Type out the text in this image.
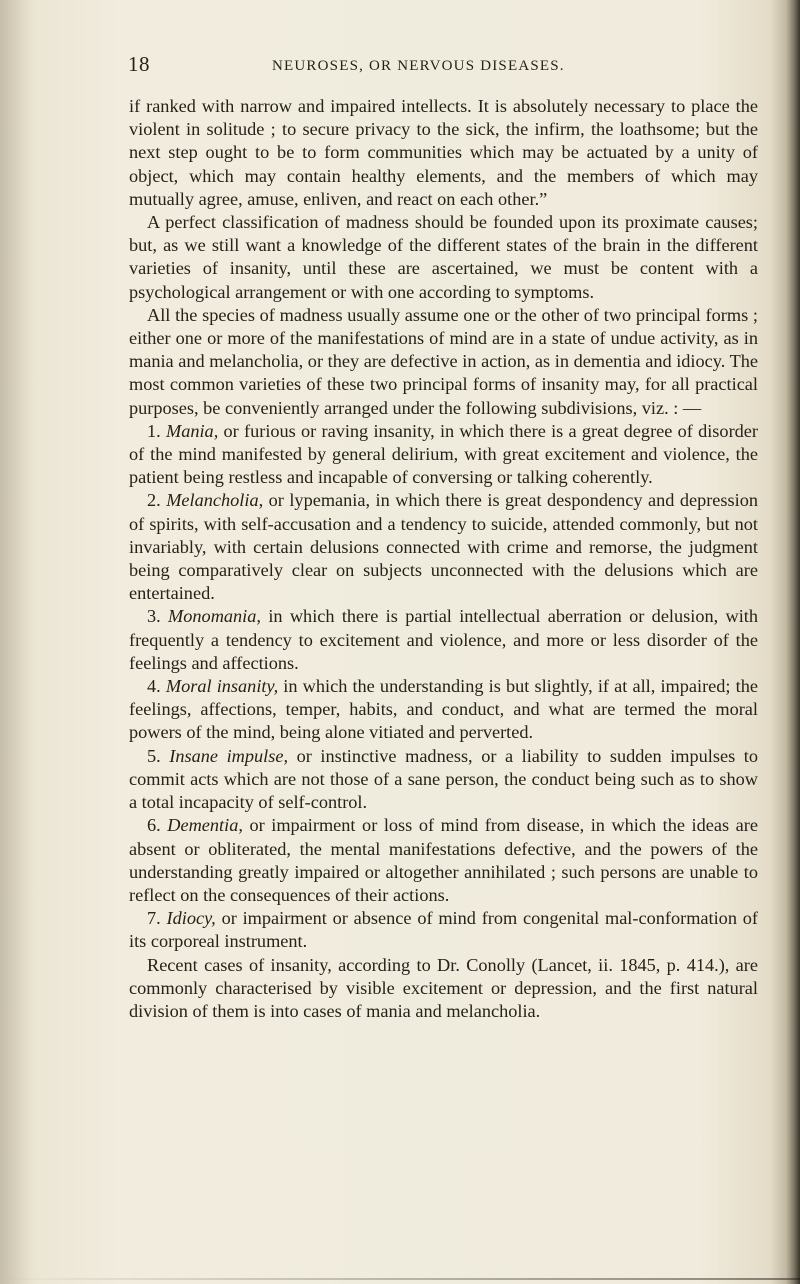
18	NEUROSES, OR NERVOUS DISEASES.

if ranked with narrow and impaired intellects. It is absolutely necessary to place the violent in solitude ; to secure privacy to the sick, the infirm, the loathsome; but the next step ought to be to form communities which may be actuated by a unity of object, which may contain healthy elements, and the members of which may mutually agree, amuse, enliven, and react on each other.”

A perfect classification of madness should be founded upon its proximate causes; but, as we still want a knowledge of the different states of the brain in the different varieties of insanity, until these are ascertained, we must be content with a psychological arrangement or with one according to symptoms.

All the species of madness usually assume one or the other of two principal forms ; either one or more of the manifestations of mind are in a state of undue activity, as in mania and melancholia, or they are defective in action, as in dementia and idiocy. The most common varieties of these two principal forms of insanity may, for all practical purposes, be conveniently arranged under the following subdivisions, viz. : —

1. Mania, or furious or raving insanity, in which there is a great degree of disorder of the mind manifested by general delirium, with great excitement and violence, the patient being restless and incapable of conversing or talking coherently.

2. Melancholia, or lypemania, in which there is great despondency and depression of spirits, with self-accusation and a tendency to suicide, attended commonly, but not invariably, with certain delusions connected with crime and remorse, the judgment being comparatively clear on subjects unconnected with the delusions which are entertained.

3. Monomania, in which there is partial intellectual aberration or delusion, with frequently a tendency to excitement and violence, and more or less disorder of the feelings and affections.

4. Moral insanity, in which the understanding is but slightly, if at all, impaired; the feelings, affections, temper, habits, and conduct, and what are termed the moral powers of the mind, being alone vitiated and perverted.

5. Insane impulse, or instinctive madness, or a liability to sudden impulses to commit acts which are not those of a sane person, the conduct being such as to show a total incapacity of self-control.

6. Dementia, or impairment or loss of mind from disease, in which the ideas are absent or obliterated, the mental manifestations defective, and the powers of the understanding greatly impaired or altogether annihilated ; such persons are unable to reflect on the consequences of their actions.

7. Idiocy, or impairment or absence of mind from congenital mal-conformation of its corporeal instrument.

Recent cases of insanity, according to Dr. Conolly (Lancet, ii. 1845, p. 414.), are commonly characterised by visible excitement or depression, and the first natural division of them is into cases of mania and melancholia.
